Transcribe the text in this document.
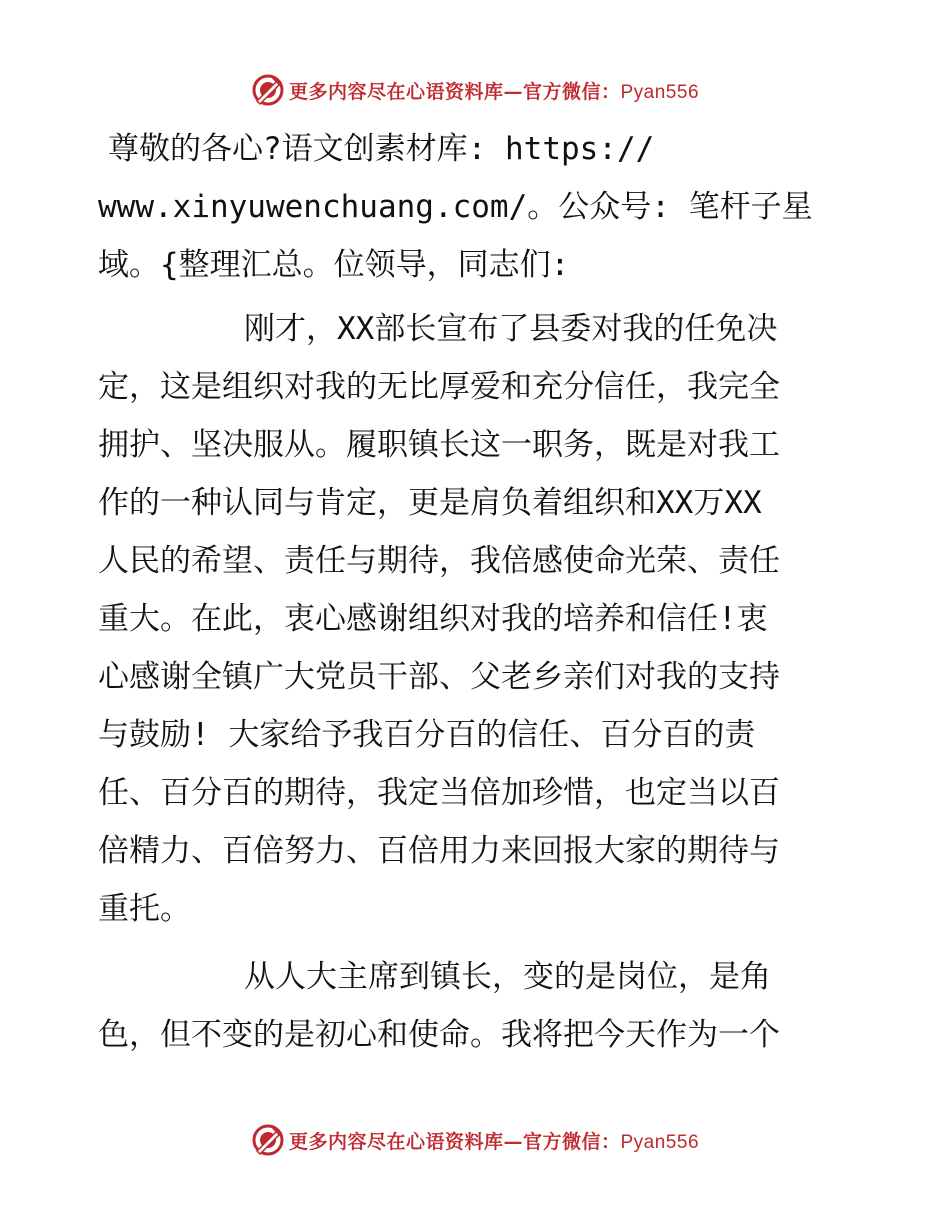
更多内容尽在心语资料库—官方微信：Pyan556

尊敬的各心?语文创素材库: https://
www.xinyuwenchuang.com/。公众号: 笔杆子星
域。{整理汇总。位领导，同志们:

刚才，XX部长宣布了县委对我的任免决
定，这是组织对我的无比厚爱和充分信任，我完全
拥护、坚决服从。履职镇长这一职务，既是对我工
作的一种认同与肯定，更是肩负着组织和XX万XX
人民的希望、责任与期待，我倍感使命光荣、责任
重大。在此，衷心感谢组织对我的培养和信任!衷
心感谢全镇广大党员干部、父老乡亲们对我的支持
与鼓励! 大家给予我百分百的信任、百分百的责
任、百分百的期待，我定当倍加珍惜，也定当以百
倍精力、百倍努力、百倍用力来回报大家的期待与
重托。

从人大主席到镇长，变的是岗位，是角
色，但不变的是初心和使命。我将把今天作为一个

更多内容尽在心语资料库—官方微信：Pyan556
